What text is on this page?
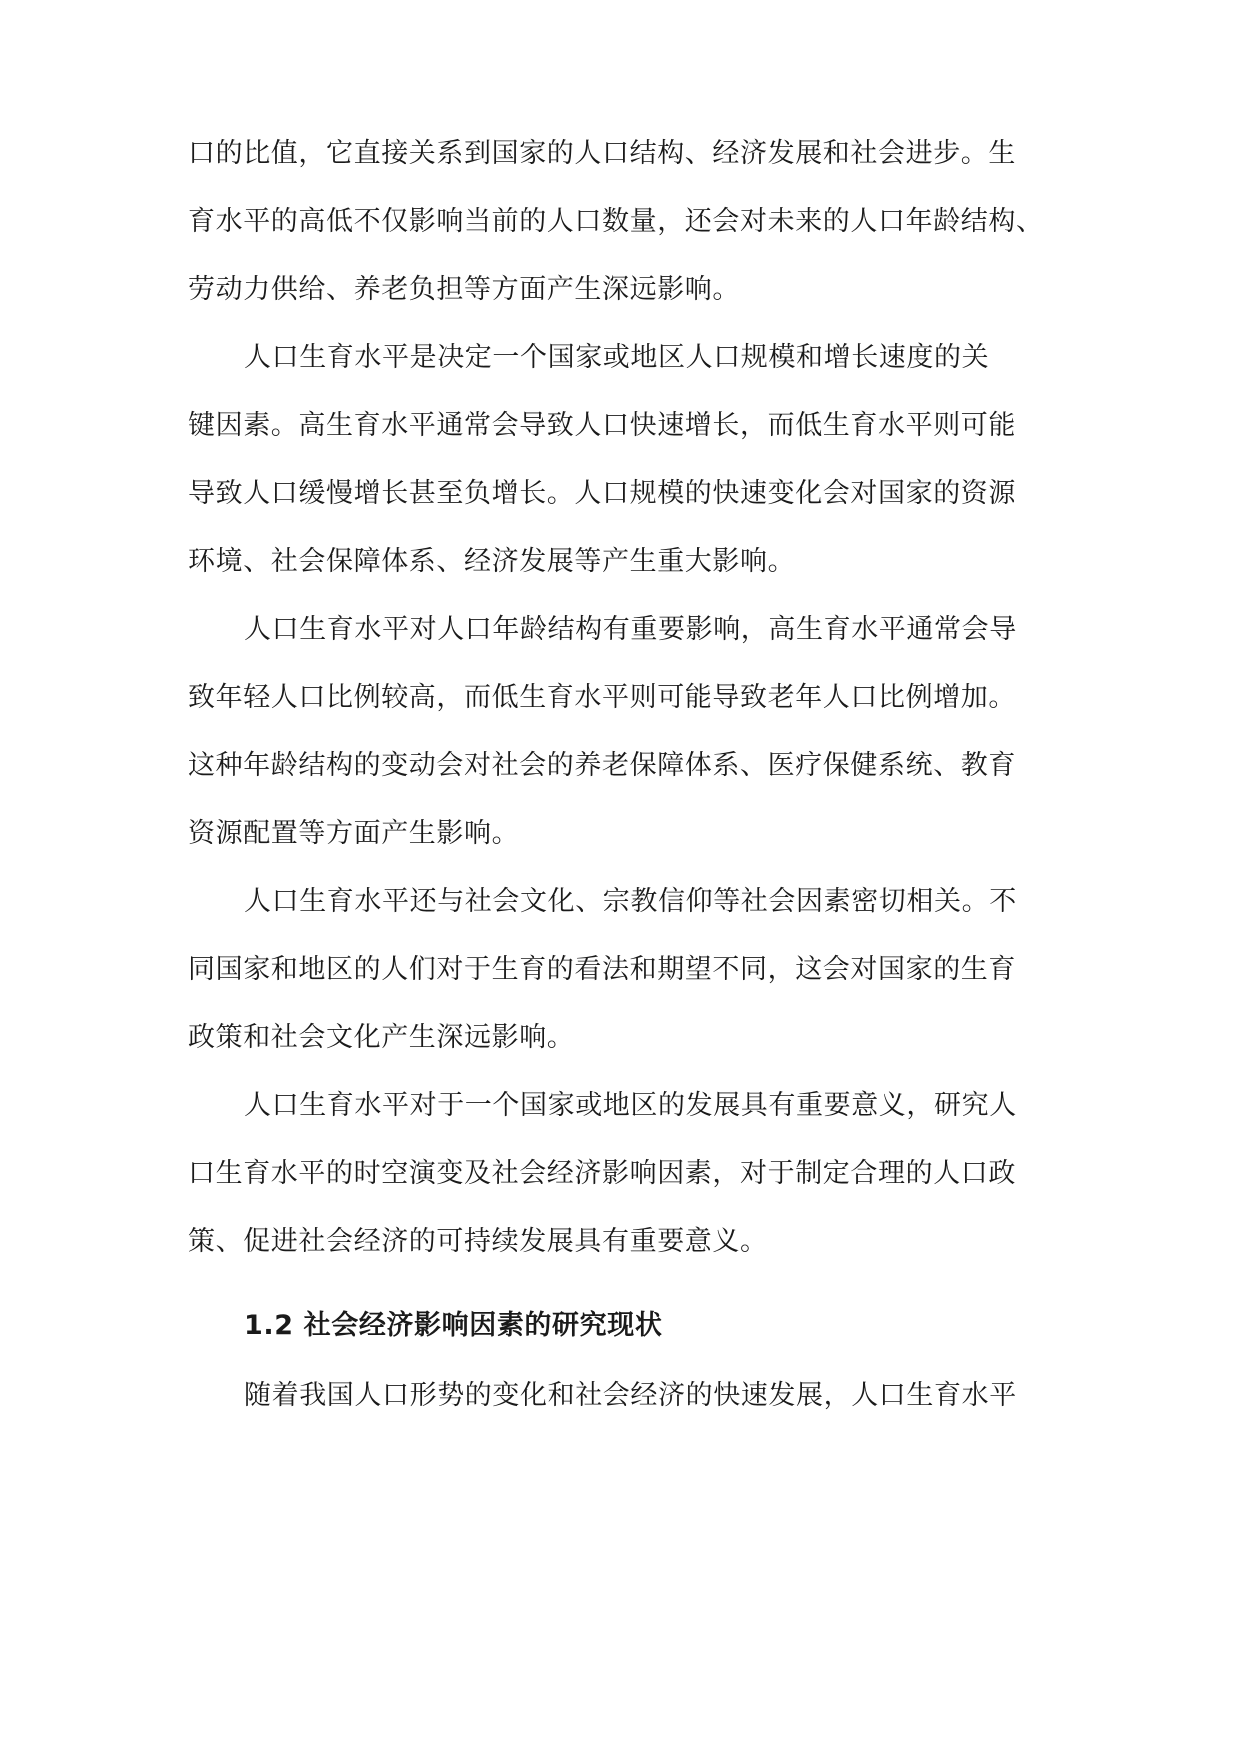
口的比值，它直接关系到国家的人口结构、经济发展和社会进步。生
育水平的高低不仅影响当前的人口数量，还会对未来的人口年龄结构、
劳动力供给、养老负担等方面产生深远影响。
人口生育水平是决定一个国家或地区人口规模和增长速度的关
键因素。高生育水平通常会导致人口快速增长，而低生育水平则可能
导致人口缓慢增长甚至负增长。人口规模的快速变化会对国家的资源
环境、社会保障体系、经济发展等产生重大影响。
人口生育水平对人口年龄结构有重要影响，高生育水平通常会导
致年轻人口比例较高，而低生育水平则可能导致老年人口比例增加。
这种年龄结构的变动会对社会的养老保障体系、医疗保健系统、教育
资源配置等方面产生影响。
人口生育水平还与社会文化、宗教信仰等社会因素密切相关。不
同国家和地区的人们对于生育的看法和期望不同，这会对国家的生育
政策和社会文化产生深远影响。
人口生育水平对于一个国家或地区的发展具有重要意义，研究人
口生育水平的时空演变及社会经济影响因素，对于制定合理的人口政
策、促进社会经济的可持续发展具有重要意义。
1.2 社会经济影响因素的研究现状
随着我国人口形势的变化和社会经济的快速发展，人口生育水平
